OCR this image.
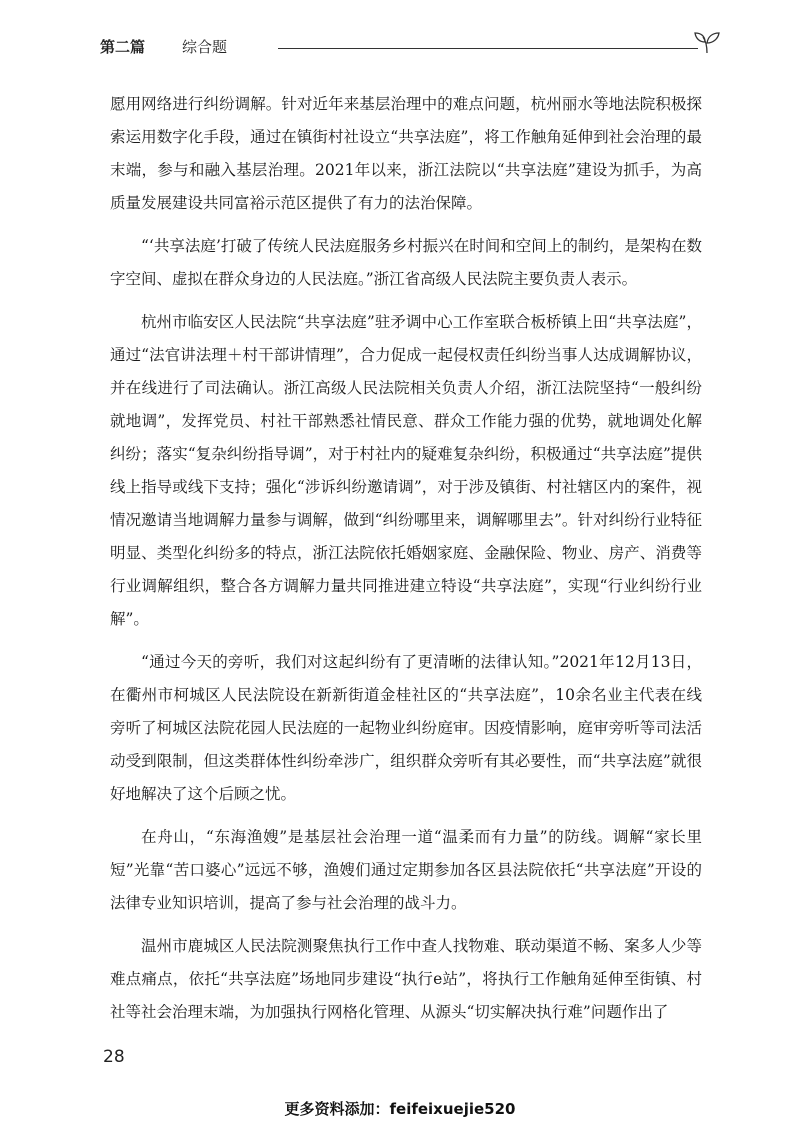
第二篇 综合题

愿用网络进行纠纷调解。针对近年来基层治理中的难点问题，杭州丽水等地法院积极探索运用数字化手段，通过在镇街村社设立“共享法庭”，将工作触角延伸到社会治理的最末端，参与和融入基层治理。2021年以来，浙江法院以“共享法庭”建设为抓手，为高质量发展建设共同富裕示范区提供了有力的法治保障。

“‘共享法庭’打破了传统人民法庭服务乡村振兴在时间和空间上的制约，是架构在数字空间、虚拟在群众身边的人民法庭。”浙江省高级人民法院主要负责人表示。

杭州市临安区人民法院“共享法庭”驻矛调中心工作室联合板桥镇上田“共享法庭”，通过“法官讲法理＋村干部讲情理”，合力促成一起侵权责任纠纷当事人达成调解协议，并在线进行了司法确认。浙江高级人民法院相关负责人介绍，浙江法院坚持“一般纠纷就地调”，发挥党员、村社干部熟悉社情民意、群众工作能力强的优势，就地调处化解纠纷；落实“复杂纠纷指导调”，对于村社内的疑难复杂纠纷，积极通过“共享法庭”提供线上指导或线下支持；强化“涉诉纠纷邀请调”，对于涉及镇街、村社辖区内的案件，视情况邀请当地调解力量参与调解，做到“纠纷哪里来，调解哪里去”。针对纠纷行业特征明显、类型化纠纷多的特点，浙江法院依托婚姻家庭、金融保险、物业、房产、消费等行业调解组织，整合各方调解力量共同推进建立特设“共享法庭”，实现“行业纠纷行业解”。

“通过今天的旁听，我们对这起纠纷有了更清晰的法律认知。”2021年12月13日，在衢州市柯城区人民法院设在新新街道金桂社区的“共享法庭”，10余名业主代表在线旁听了柯城区法院花园人民法庭的一起物业纠纷庭审。因疫情影响，庭审旁听等司法活动受到限制，但这类群体性纠纷牵涉广，组织群众旁听有其必要性，而“共享法庭”就很好地解决了这个后顾之忧。

在舟山，“东海渔嫂”是基层社会治理一道“温柔而有力量”的防线。调解“家长里短”光靠“苦口婆心”远远不够，渔嫂们通过定期参加各区县法院依托“共享法庭”开设的法律专业知识培训，提高了参与社会治理的战斗力。

温州市鹿城区人民法院测聚焦执行工作中查人找物难、联动渠道不畅、案多人少等难点痛点，依托“共享法庭”场地同步建设“执行e站”，将执行工作触角延伸至街镇、村社等社会治理末端，为加强执行网格化管理、从源头“切实解决执行难”问题作出了

28
更多资料添加：feifeixuejie520
